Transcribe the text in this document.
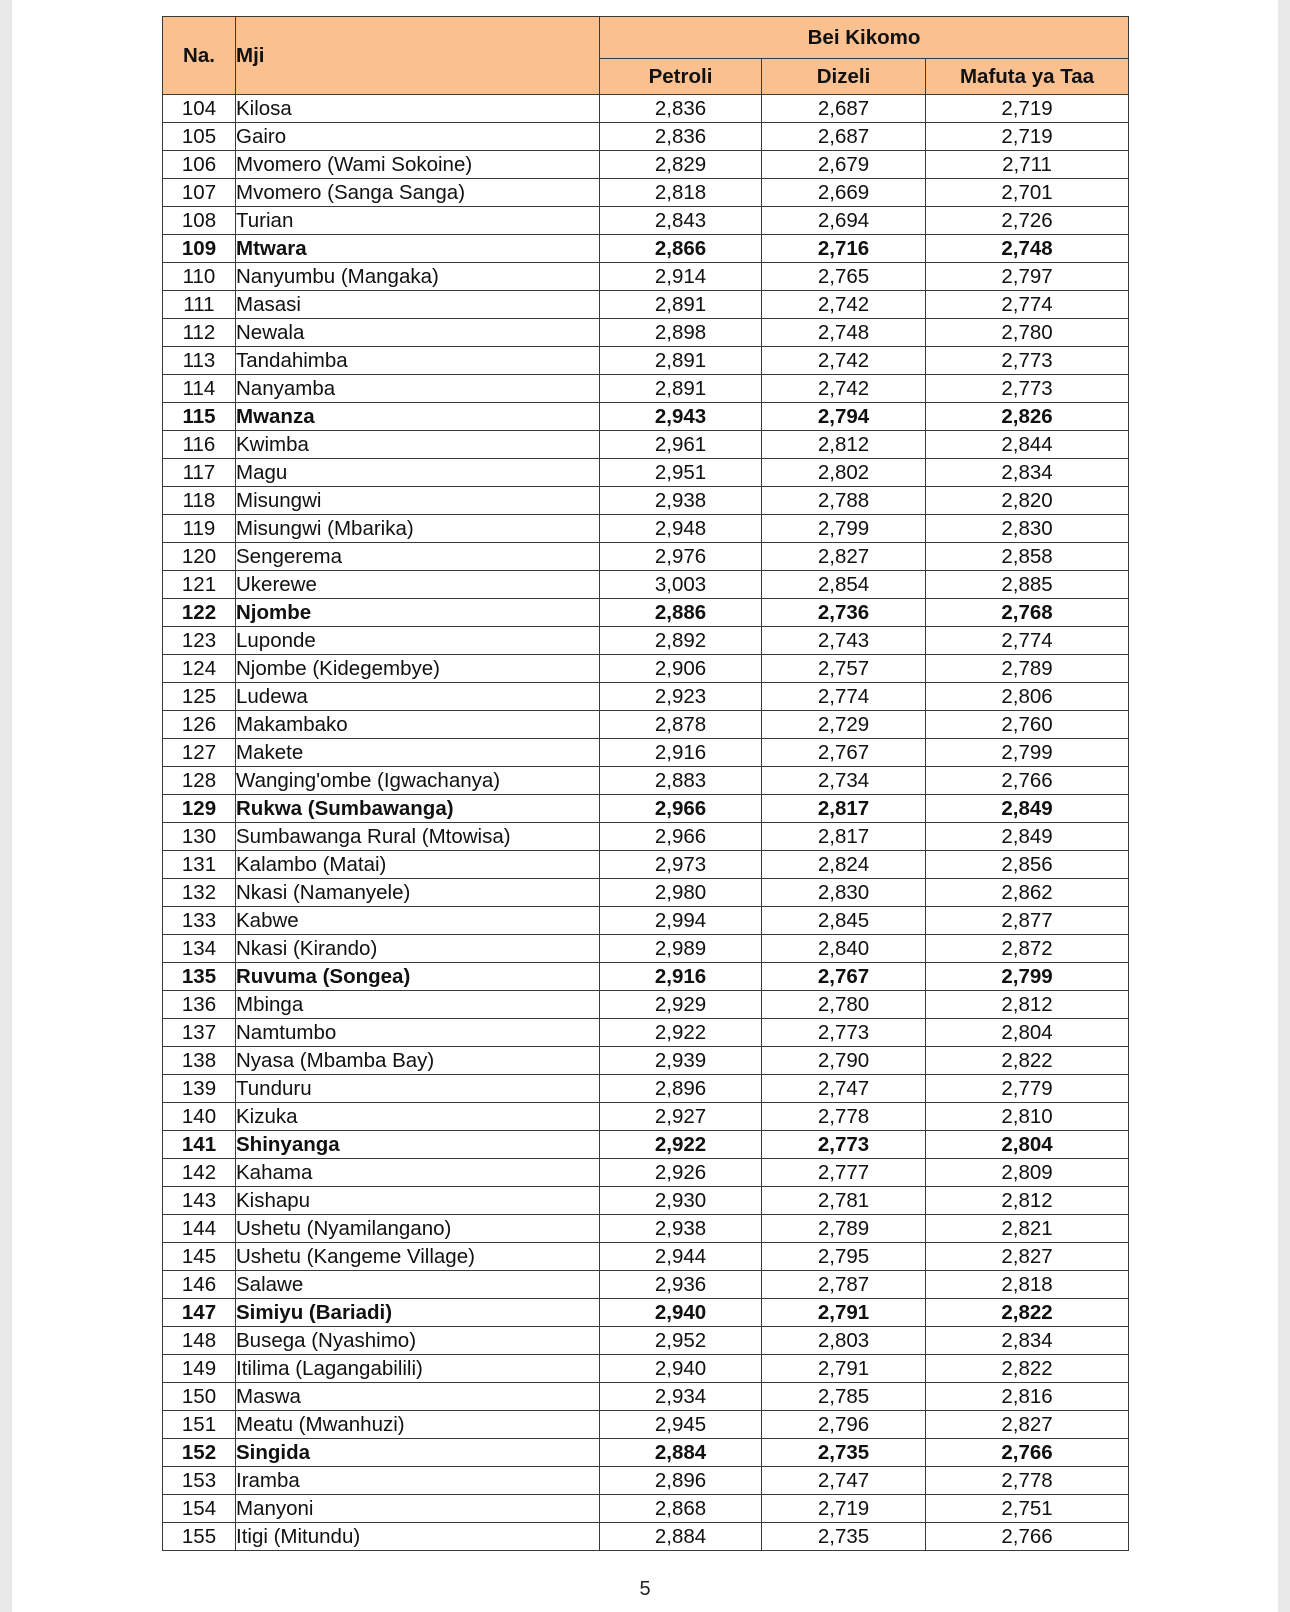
Na.	Mji	Bei Kikomo		
		Petroli	Dizeli	Mafuta ya Taa
104	Kilosa	2,836	2,687	2,719
105	Gairo	2,836	2,687	2,719
106	Mvomero (Wami Sokoine)	2,829	2,679	2,711
107	Mvomero (Sanga Sanga)	2,818	2,669	2,701
108	Turian	2,843	2,694	2,726
109	Mtwara	2,866	2,716	2,748
110	Nanyumbu (Mangaka)	2,914	2,765	2,797
111	Masasi	2,891	2,742	2,774
112	Newala	2,898	2,748	2,780
113	Tandahimba	2,891	2,742	2,773
114	Nanyamba	2,891	2,742	2,773
115	Mwanza	2,943	2,794	2,826
116	Kwimba	2,961	2,812	2,844
117	Magu	2,951	2,802	2,834
118	Misungwi	2,938	2,788	2,820
119	Misungwi (Mbarika)	2,948	2,799	2,830
120	Sengerema	2,976	2,827	2,858
121	Ukerewe	3,003	2,854	2,885
122	Njombe	2,886	2,736	2,768
123	Luponde	2,892	2,743	2,774
124	Njombe (Kidegembye)	2,906	2,757	2,789
125	Ludewa	2,923	2,774	2,806
126	Makambako	2,878	2,729	2,760
127	Makete	2,916	2,767	2,799
128	Wanging'ombe (Igwachanya)	2,883	2,734	2,766
129	Rukwa (Sumbawanga)	2,966	2,817	2,849
130	Sumbawanga Rural (Mtowisa)	2,966	2,817	2,849
131	Kalambo (Matai)	2,973	2,824	2,856
132	Nkasi (Namanyele)	2,980	2,830	2,862
133	Kabwe	2,994	2,845	2,877
134	Nkasi (Kirando)	2,989	2,840	2,872
135	Ruvuma (Songea)	2,916	2,767	2,799
136	Mbinga	2,929	2,780	2,812
137	Namtumbo	2,922	2,773	2,804
138	Nyasa (Mbamba Bay)	2,939	2,790	2,822
139	Tunduru	2,896	2,747	2,779
140	Kizuka	2,927	2,778	2,810
141	Shinyanga	2,922	2,773	2,804
142	Kahama	2,926	2,777	2,809
143	Kishapu	2,930	2,781	2,812
144	Ushetu (Nyamilangano)	2,938	2,789	2,821
145	Ushetu (Kangeme Village)	2,944	2,795	2,827
146	Salawe	2,936	2,787	2,818
147	Simiyu (Bariadi)	2,940	2,791	2,822
148	Busega (Nyashimo)	2,952	2,803	2,834
149	Itilima (Lagangabilili)	2,940	2,791	2,822
150	Maswa	2,934	2,785	2,816
151	Meatu (Mwanhuzi)	2,945	2,796	2,827
152	Singida	2,884	2,735	2,766
153	Iramba	2,896	2,747	2,778
154	Manyoni	2,868	2,719	2,751
155	Itigi (Mitundu)	2,884	2,735	2,766
5
